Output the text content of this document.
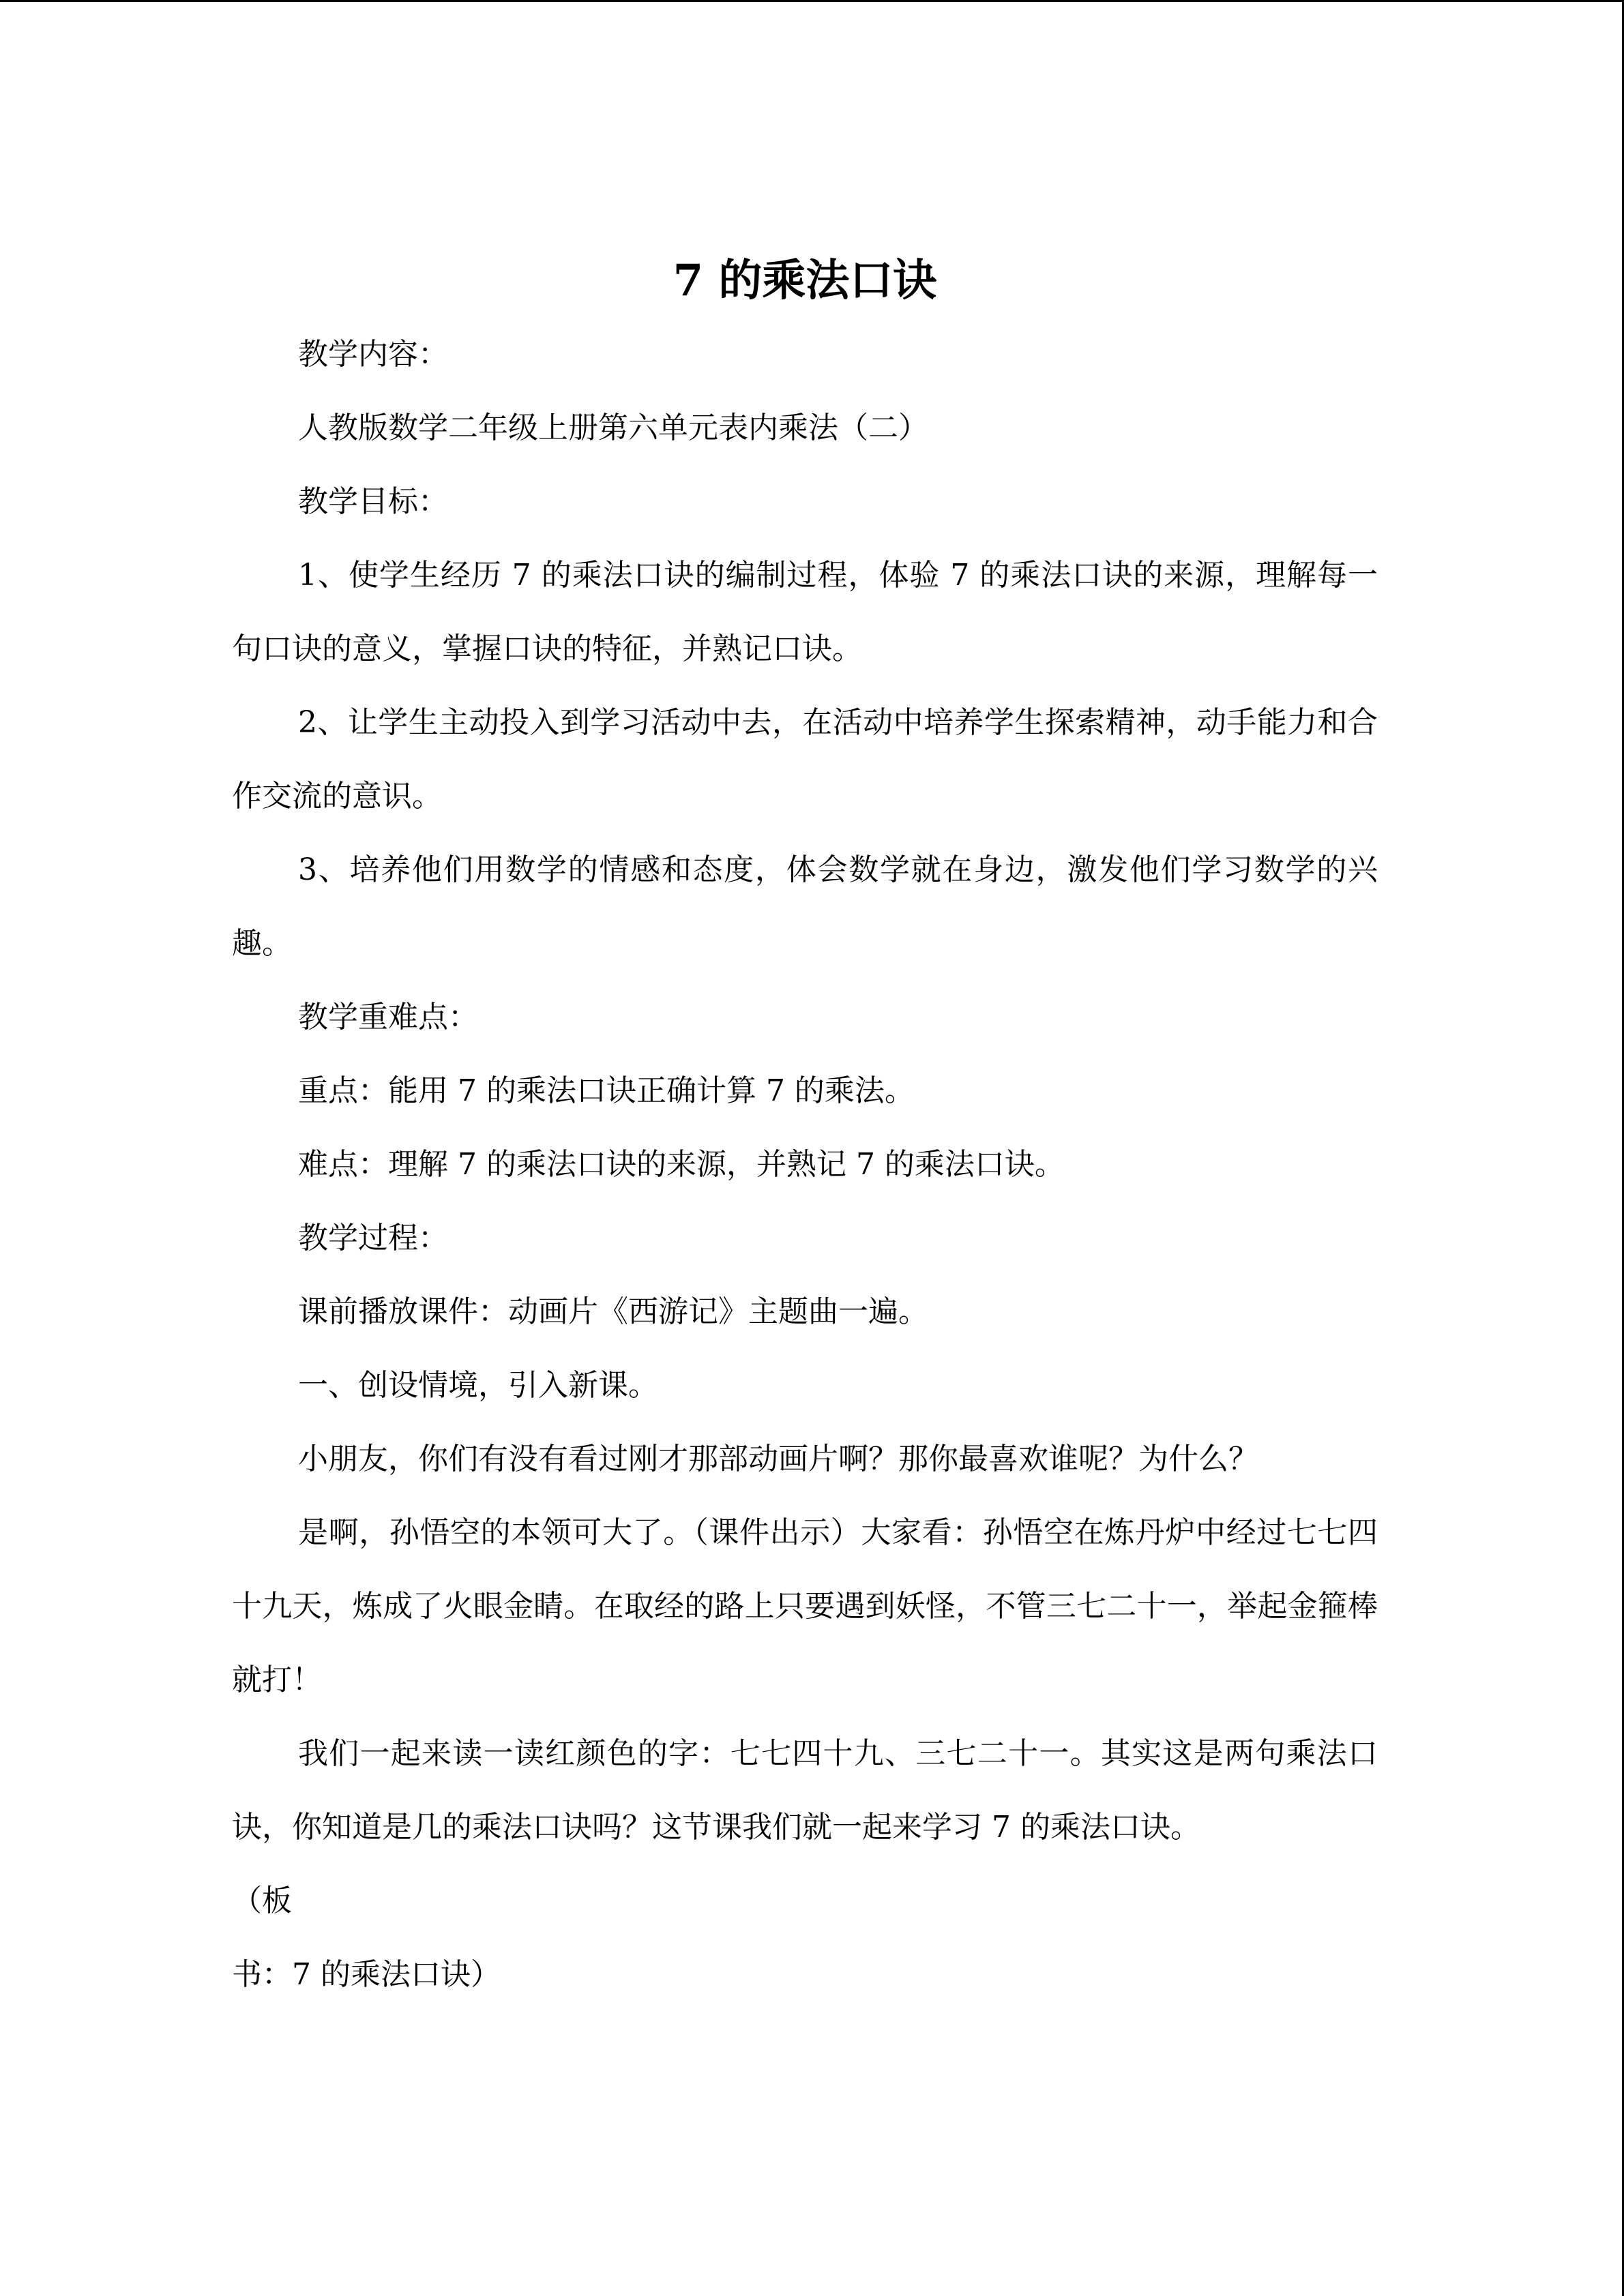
7 的乘法口诀

教学内容：

人教版数学二年级上册第六单元表内乘法（二）

教学目标：

1、使学生经历 7 的乘法口诀的编制过程，体验 7 的乘法口诀的来源，理解每一句口诀的意义，掌握口诀的特征，并熟记口诀。

2、让学生主动投入到学习活动中去，在活动中培养学生探索精神，动手能力和合作交流的意识。

3、培养他们用数学的情感和态度，体会数学就在身边，激发他们学习数学的兴趣。

教学重难点：

重点：能用 7 的乘法口诀正确计算 7 的乘法。

难点：理解 7 的乘法口诀的来源，并熟记 7 的乘法口诀。

教学过程：

课前播放课件：动画片《西游记》主题曲一遍。

一、创设情境，引入新课。

小朋友，你们有没有看过刚才那部动画片啊？那你最喜欢谁呢？为什么？

是啊，孙悟空的本领可大了。（课件出示）大家看：孙悟空在炼丹炉中经过七七四十九天，炼成了火眼金睛。在取经的路上只要遇到妖怪，不管三七二十一，举起金箍棒就打！

我们一起来读一读红颜色的字：七七四十九、三七二十一。其实这是两句乘法口诀，你知道是几的乘法口诀吗？这节课我们就一起来学习 7 的乘法口诀。

（板

书：7 的乘法口诀）
